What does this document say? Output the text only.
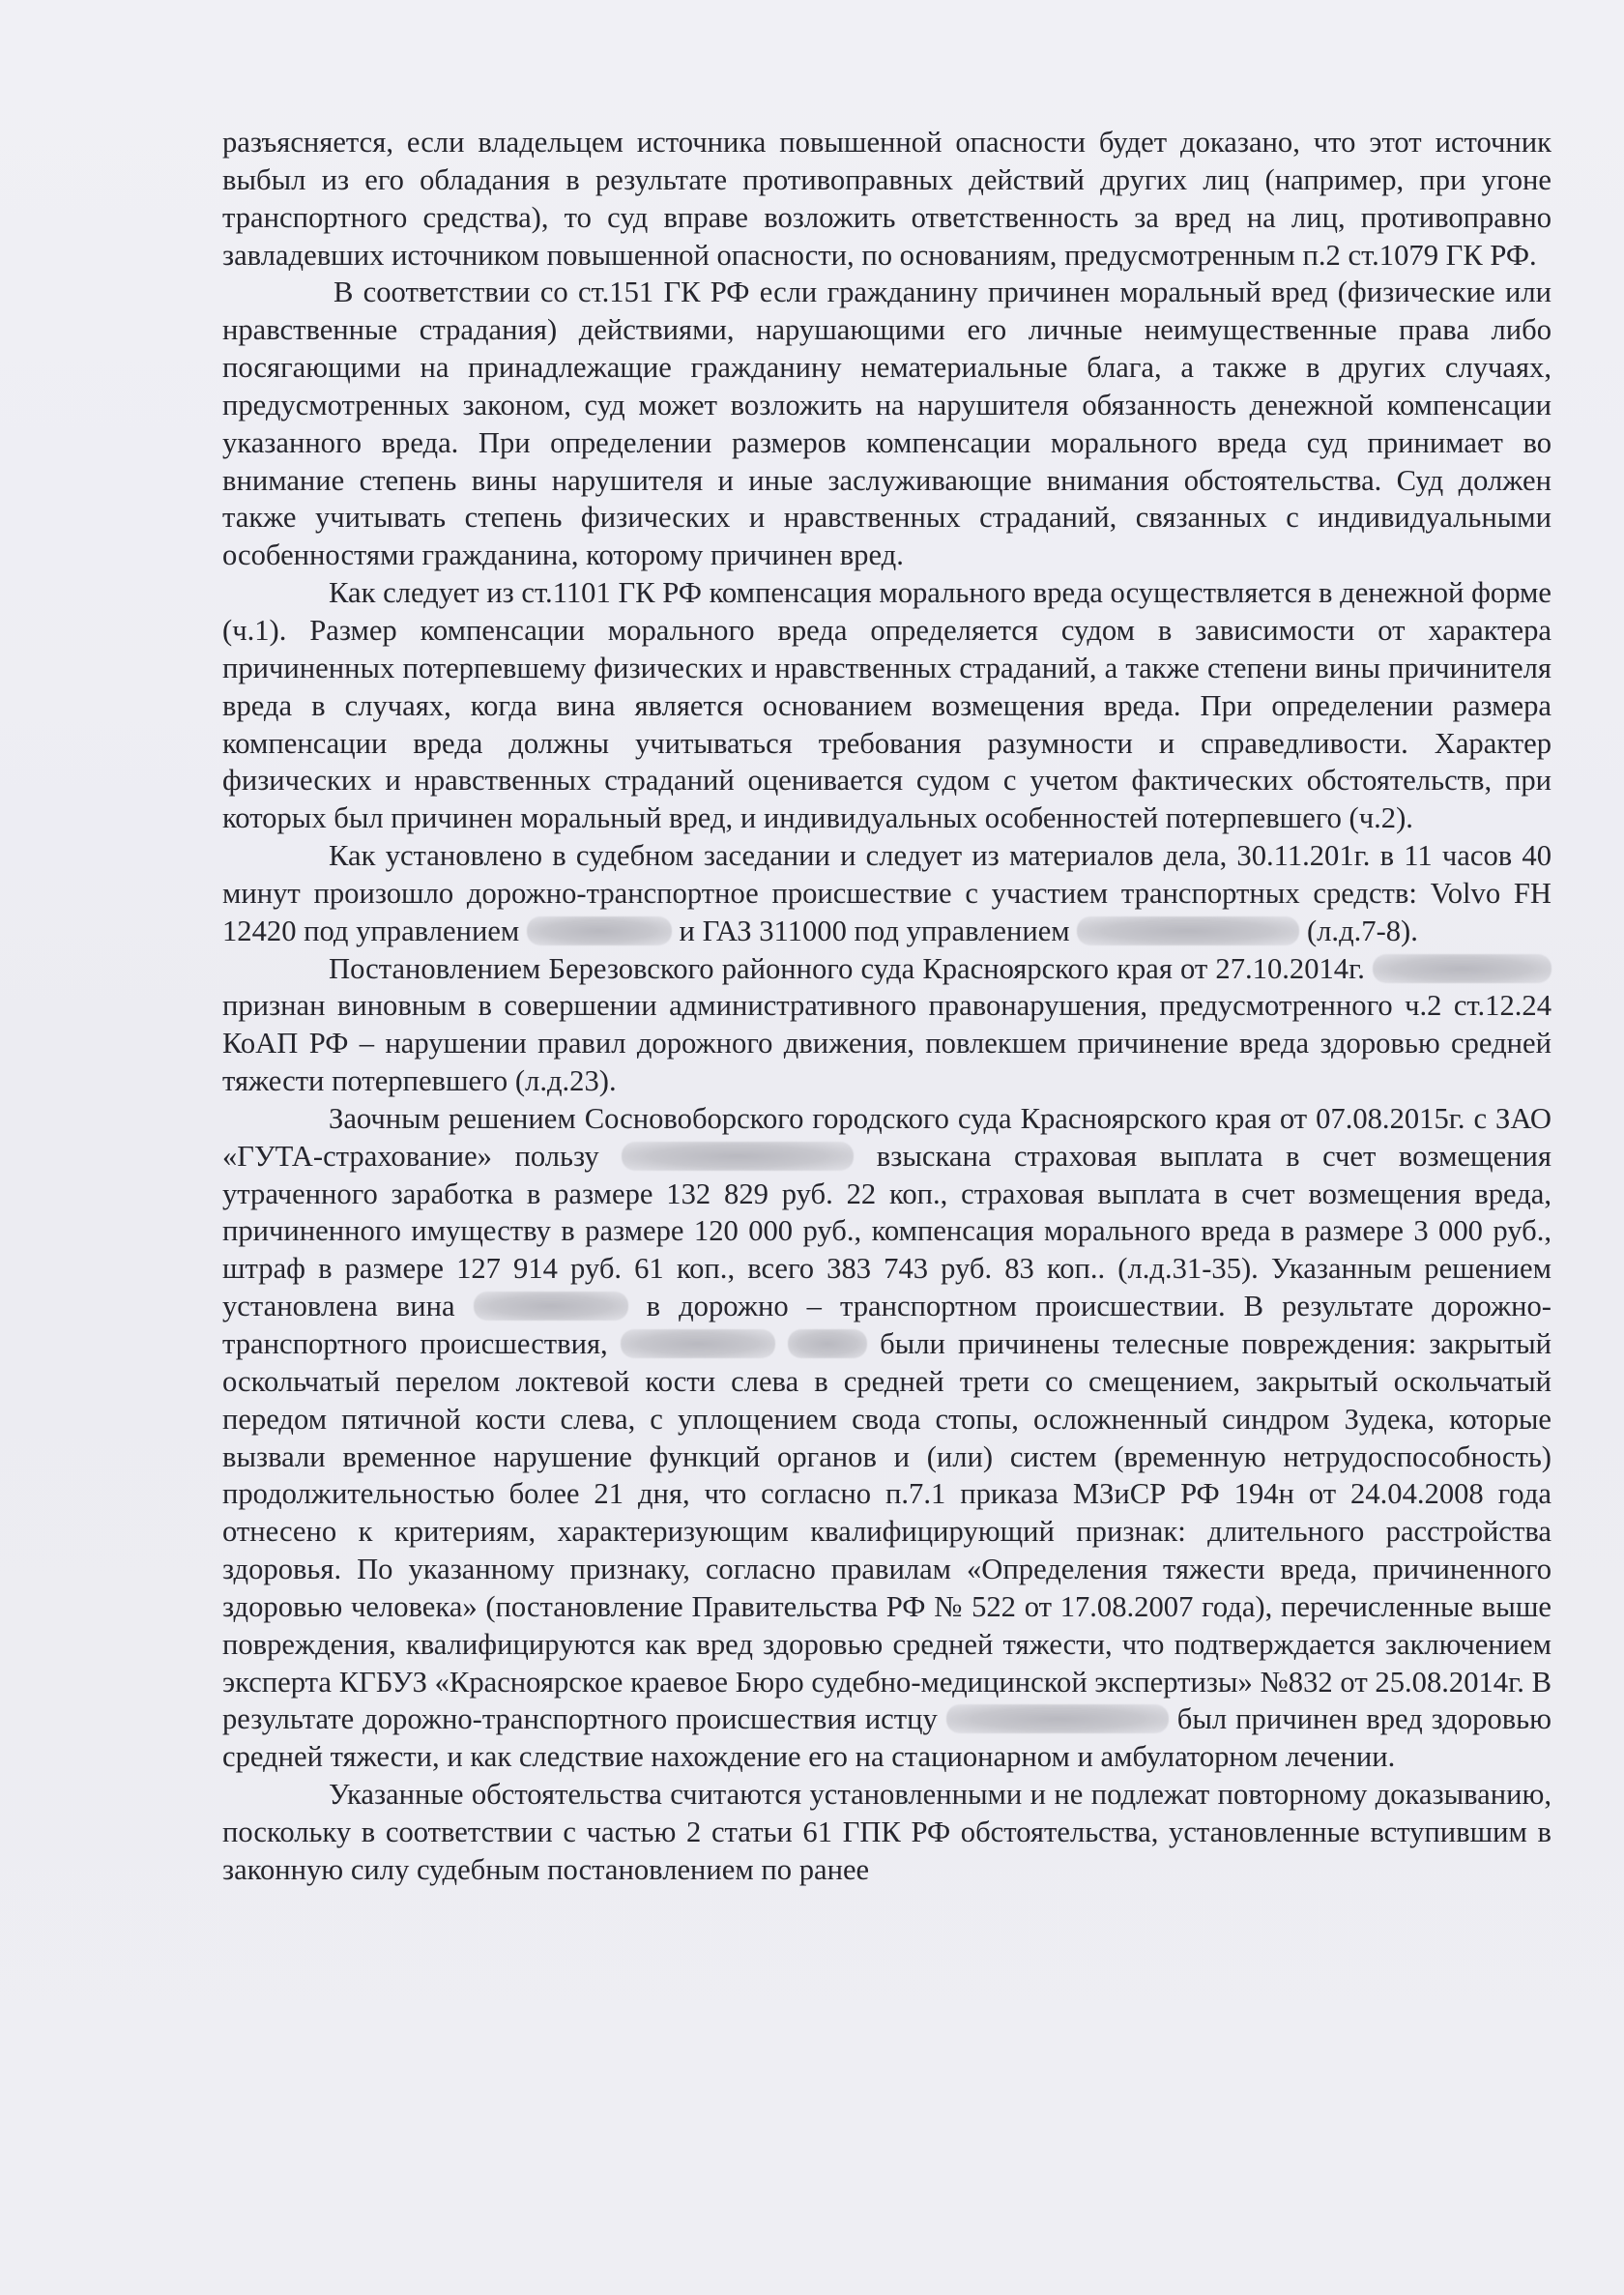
разъясняется, если владельцем источника повышенной опасности будет доказано, что этот источник выбыл из его обладания в результате противоправных действий других лиц (например, при угоне транспортного средства), то суд вправе возложить ответственность за вред на лиц, противоправно завладевших источником повышенной опасности, по основаниям, предусмотренным п.2 ст.1079 ГК РФ.

В соответствии со ст.151 ГК РФ если гражданину причинен моральный вред (физические или нравственные страдания) действиями, нарушающими его личные неимущественные права либо посягающими на принадлежащие гражданину нематериальные блага, а также в других случаях, предусмотренных законом, суд может возложить на нарушителя обязанность денежной компенсации указанного вреда. При определении размеров компенсации морального вреда суд принимает во внимание степень вины нарушителя и иные заслуживающие внимания обстоятельства. Суд должен также учитывать степень физических и нравственных страданий, связанных с индивидуальными особенностями гражданина, которому причинен вред.

Как следует из ст.1101 ГК РФ компенсация морального вреда осуществляется в денежной форме (ч.1). Размер компенсации морального вреда определяется судом в зависимости от характера причиненных потерпевшему физических и нравственных страданий, а также степени вины причинителя вреда в случаях, когда вина является основанием возмещения вреда. При определении размера компенсации вреда должны учитываться требования разумности и справедливости. Характер физических и нравственных страданий оценивается судом с учетом фактических обстоятельств, при которых был причинен моральный вред, и индивидуальных особенностей потерпевшего (ч.2).

Как установлено в судебном заседании и следует из материалов дела, 30.11.201г. в 11 часов 40 минут произошло дорожно-транспортное происшествие с участием транспортных средств: Volvo FH 12420 под управлением	и ГАЗ 311000 под управлением	(л.д.7-8).

Постановлением Березовского районного суда Красноярского края от 27.10.2014г.  признан виновным в совершении административного правонарушения, предусмотренного ч.2 ст.12.24 КоАП РФ – нарушении правил дорожного движения, повлекшем причинение вреда здоровью средней тяжести потерпевшего (л.д.23).

Заочным решением Сосновоборского городского суда Красноярского края от 07.08.2015г. с ЗАО «ГУТА-страхование» пользу	взыскана страховая выплата в счет возмещения утраченного заработка в размере 132 829 руб. 22 коп., страховая выплата в счет возмещения вреда, причиненного имуществу в размере 120 000 руб., компенсация морального вреда в размере 3 000 руб., штраф в размере 127 914 руб. 61 коп., всего 383 743 руб. 83 коп.. (л.д.31-35). Указанным решением установлена вина	в дорожно – транспортном происшествии. В результате дорожно-транспортного происшествия,	были причинены телесные повреждения: закрытый оскольчатый перелом локтевой кости слева в средней трети со смещением, закрытый оскольчатый передом пятичной кости слева, с уплощением свода стопы, осложненный синдром Зудека, которые вызвали временное нарушение функций органов и (или) систем (временную нетрудоспособность) продолжительностью более 21 дня, что согласно п.7.1 приказа МЗиСР РФ 194н от 24.04.2008 года отнесено к критериям, характеризующим квалифицирующий признак: длительного расстройства здоровья. По указанному признаку, согласно правилам «Определения тяжести вреда, причиненного здоровью человека» (постановление Правительства РФ № 522 от 17.08.2007 года), перечисленные выше повреждения, квалифицируются как вред здоровью средней тяжести, что подтверждается заключением эксперта КГБУЗ «Красноярское краевое Бюро судебно-медицинской экспертизы» №832 от 25.08.2014г. В результате дорожно-транспортного происшествия истцу	был причинен вред здоровью средней тяжести, и как следствие нахождение его на стационарном и амбулаторном лечении.

Указанные обстоятельства считаются установленными и не подлежат повторному доказыванию, поскольку в соответствии с частью 2 статьи 61 ГПК РФ обстоятельства, установленные вступившим в законную силу судебным постановлением по ранее
